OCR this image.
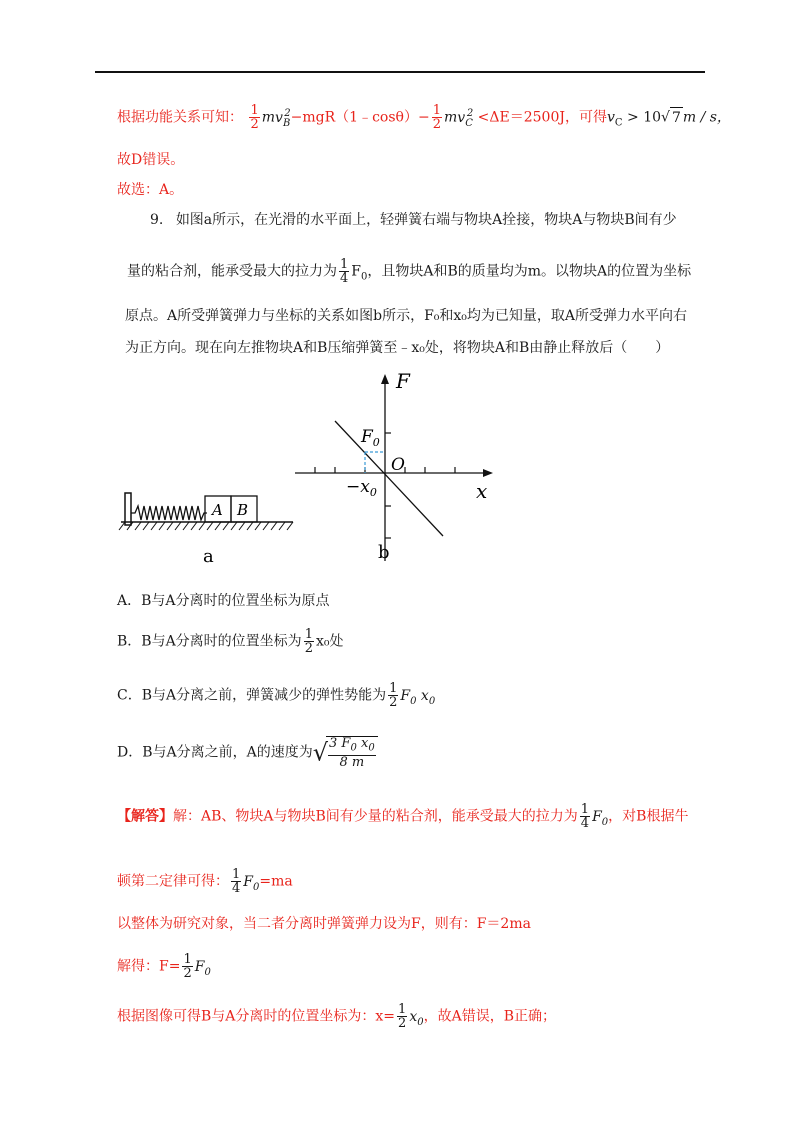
根据功能关系可知： $\frac{1}{2}$ $mv_B^2-mgR(1﹣\cos\theta)- \frac{1}{2} mv_C^2 <\Delta E=2500J$，可得$v_C > 10√$ 7 m / s，
故D错误。
故选：A。
9. 如图a所示，在光滑的水平面上，轻弹簧右端与物块A拴接，物块A与物块B间有少
量的粘合剂，能承受最大的拉力为 $\frac{1}{4} F_0$，且物块A和B的质量均为m。以物块A的位置为坐标
原点。A所受弹簧弹力与坐标的关系如图b所示，F₀和x₀均为已知量，取A所受弹力水平向右
为正方向。现在向左推物块A和B压缩弹簧至﹣x₀处，将物块A和B由静止释放后（　　）
A B
a
F
x
O
$F_0$
$-x_0$
b
A．B与A分离时的位置坐标为原点
B．B与A分离时的位置坐标为 $\frac{1}{2} x_0$处
C．B与A分离之前，弹簧减少的弹性势能为 $\frac{1}{2} F_0$ $x_0$
D．B与A分离之前，A的速度为√
$\frac{3 F_0 x_0}{8 m}$
【解答】解：AB、物块A与物块B间有少量的粘合剂，能承受最大的拉力为 $\frac{1}{4} F_0$，对B根据牛
顿第二定律可得： $\frac{1}{4} F_0=ma$
以整体为研究对象，当二者分离时弹簧弹力设为F，则有：F＝2ma
解得：$F= \frac{1}{2} F_0$
根据图像可得B与A分离时的位置坐标为：$x= \frac{1}{2} x_0$，故A错误，B正确；
